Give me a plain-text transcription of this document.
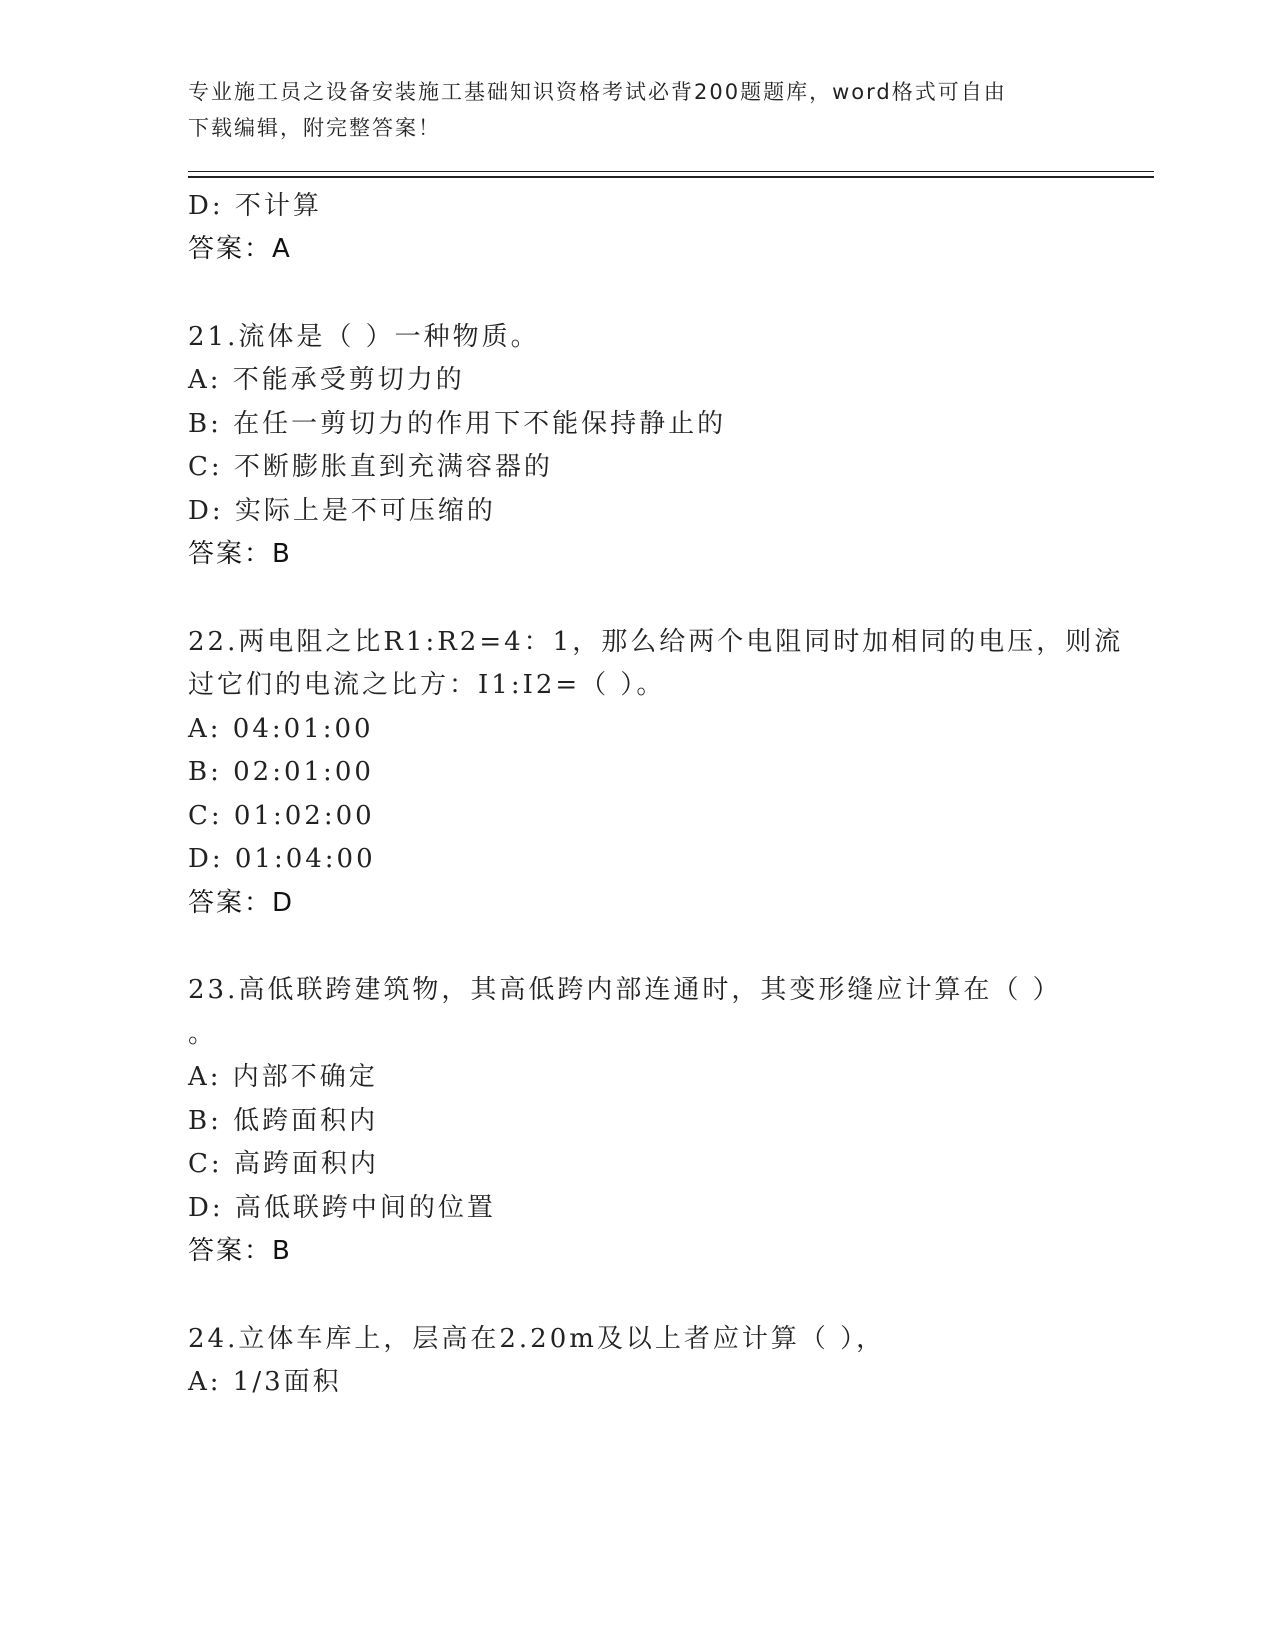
专业施工员之设备安装施工基础知识资格考试必背200题题库，word格式可自由
下载编辑，附完整答案！
D: 不计算
答案：A
21.流体是（ ）一种物质。
A: 不能承受剪切力的
B: 在任一剪切力的作用下不能保持静止的
C: 不断膨胀直到充满容器的
D: 实际上是不可压缩的
答案：B
22.两电阻之比R1:R2=4：1，那么给两个电阻同时加相同的电压，则流
过它们的电流之比方：I1:I2=（ ）。
A: 04:01:00
B: 02:01:00
C: 01:02:00
D: 01:04:00
答案：D
23.高低联跨建筑物，其高低跨内部连通时，其变形缝应计算在（ ）
。
A: 内部不确定
B: 低跨面积内
C: 高跨面积内
D: 高低联跨中间的位置
答案：B
24.立体车库上，层高在2.20m及以上者应计算（ ），
A: 1/3面积
